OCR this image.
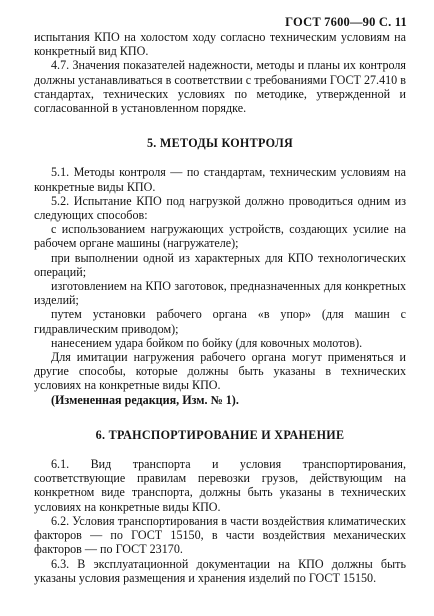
ГОСТ 7600—90 С. 11

испытания КПО на холостом ходу согласно техническим условиям на конкретный вид КПО.

4.7. Значения показателей надежности, методы и планы их контроля должны устанавливаться в соответствии с требованиями ГОСТ 27.410 в стандартах, технических условиях по методике, утвержденной и согласованной в установленном порядке.

5. МЕТОДЫ КОНТРОЛЯ

5.1. Методы контроля — по стандартам, техническим условиям на конкретные виды КПО.

5.2. Испытание КПО под нагрузкой должно проводиться одним из следующих способов:

с использованием нагружающих устройств, создающих усилие на рабочем органе машины (нагружателе);

при выполнении одной из характерных для КПО технологических операций;

изготовлением на КПО заготовок, предназначенных для конкретных изделий;

путем установки рабочего органа «в упор» (для машин с гидравлическим приводом);

нанесением удара бойком по бойку (для ковочных молотов).

Для имитации нагружения рабочего органа могут применяться и другие способы, которые должны быть указаны в технических условиях на конкретные виды КПО.

(Измененная редакция, Изм. № 1).

6. ТРАНСПОРТИРОВАНИЕ И ХРАНЕНИЕ

6.1. Вид транспорта и условия транспортирования, соответствующие правилам перевозки грузов, действующим на конкретном виде транспорта, должны быть указаны в технических условиях на конкретные виды КПО.

6.2. Условия транспортирования в части воздействия климатических факторов — по ГОСТ 15150, в части воздействия механических факторов — по ГОСТ 23170.

6.3. В эксплуатационной документации на КПО должны быть указаны условия размещения и хранения изделий по ГОСТ 15150.
